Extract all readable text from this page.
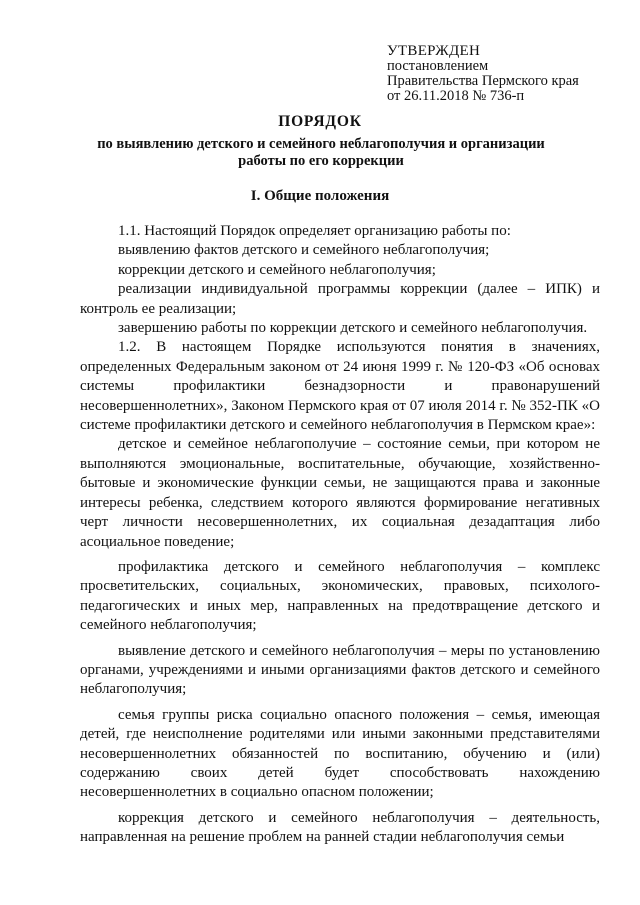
УТВЕРЖДЕН
постановлением
Правительства Пермского края
от 26.11.2018 № 736-п
ПОРЯДОК
по выявлению детского и семейного неблагополучия и организации работы по его коррекции
I. Общие положения

1.1. Настоящий Порядок определяет организацию работы по:

выявлению фактов детского и семейного неблагополучия;

коррекции детского и семейного неблагополучия;

реализации индивидуальной программы коррекции (далее – ИПК) и контроль ее реализации;

завершению работы по коррекции детского и семейного неблагополучия.

1.2. В настоящем Порядке используются понятия в значениях, определенных Федеральным законом от 24 июня 1999 г. № 120-ФЗ «Об основах системы профилактики безнадзорности и правонарушений несовершеннолетних», Законом Пермского края от 07 июля 2014 г. № 352-ПК «О системе профилактики детского и семейного неблагополучия в Пермском крае»:

детское и семейное неблагополучие – состояние семьи, при котором не выполняются эмоциональные, воспитательные, обучающие, хозяйственно-бытовые и экономические функции семьи, не защищаются права и законные интересы ребенка, следствием которого являются формирование негативных черт личности несовершеннолетних, их социальная дезадаптация либо асоциальное поведение;

профилактика детского и семейного неблагополучия – комплекс просветительских, социальных, экономических, правовых, психолого-педагогических и иных мер, направленных на предотвращение детского и семейного неблагополучия;

выявление детского и семейного неблагополучия – меры по установлению органами, учреждениями и иными организациями фактов детского и семейного неблагополучия;

семья группы риска социально опасного положения – семья, имеющая детей, где неисполнение родителями или иными законными представителями несовершеннолетних обязанностей по воспитанию, обучению и (или) содержанию своих детей будет способствовать нахождению несовершеннолетних в социально опасном положении;

коррекция детского и семейного неблагополучия – деятельность, направленная на решение проблем на ранней стадии неблагополучия семьи
